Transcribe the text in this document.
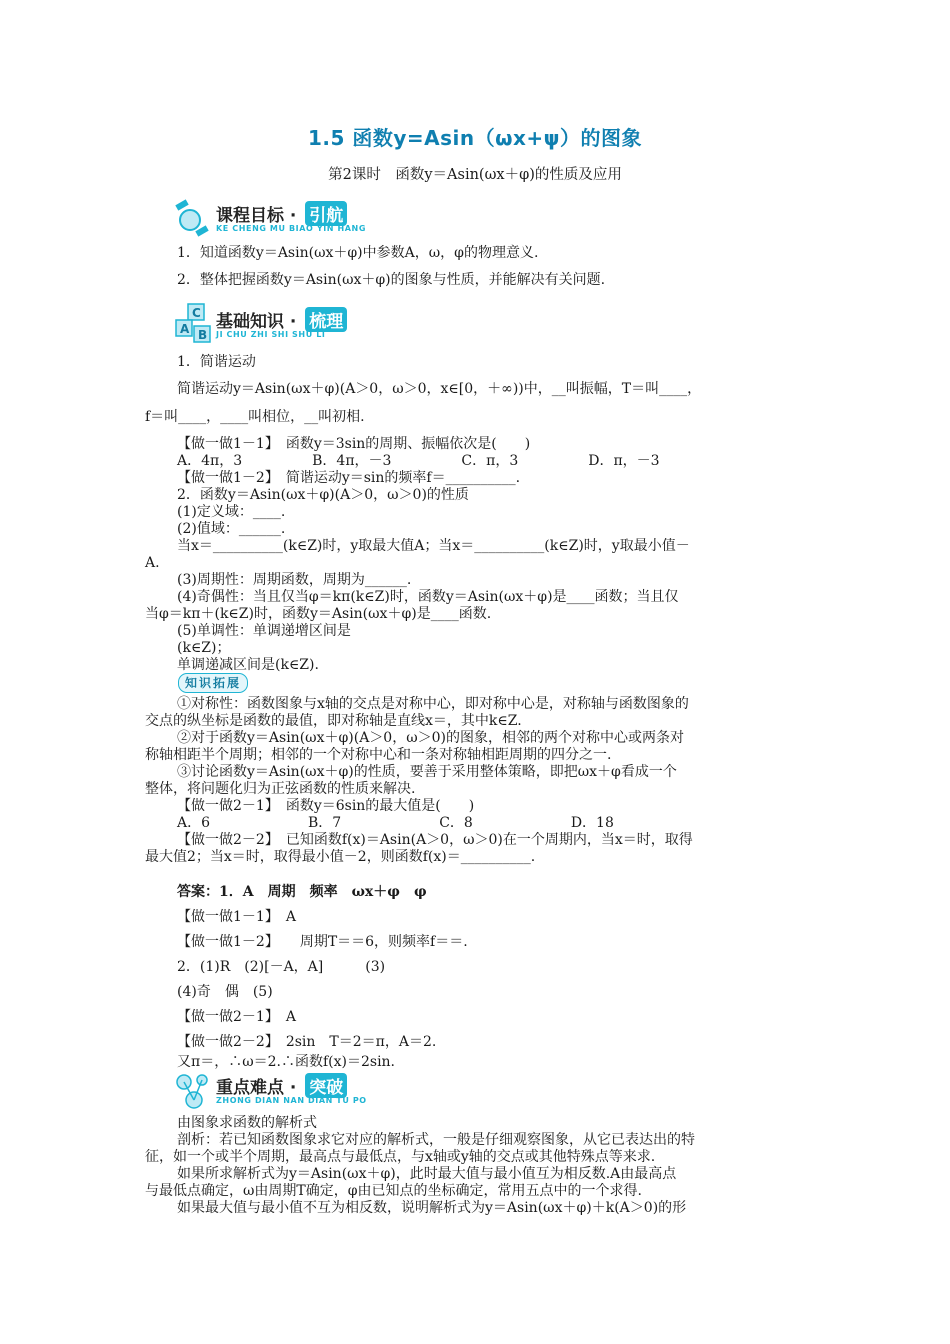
1.5 函数y=Asin（ωx+ψ）的图象
第2课时　函数y＝Asin(ωx＋φ)的性质及应用
课程目标 · 引航
KE CHENG MU BIAO YIN HANG
1．知道函数y＝Asin(ωx＋φ)中参数A，ω，φ的物理意义.
2．整体把握函数y＝Asin(ωx＋φ)的图象与性质，并能解决有关问题.
C
A B
基础知识 · 梳理
JI CHU ZHI SHI SHU LI
1．简谐运动
简谐运动y＝Asin(ωx＋φ)(A＞0，ω＞0，x∈[0，＋∞))中，__叫振幅，T＝叫____，
f＝叫____，____叫相位，__叫初相.
【做一做1－1】　函数y＝3sin的周期、振幅依次是(　　)
A．4π，3　　　　　B．4π，－3　　　　　C．π，3　　　　　D．π，－3
【做一做1－2】　简谐运动y＝sin的频率f＝__________.
2．函数y＝Asin(ωx＋φ)(A＞0，ω＞0)的性质
(1)定义域：____.
(2)值域：______.
当x＝__________(k∈Z)时，y取最大值A；当x＝__________(k∈Z)时，y取最小值－
A.
(3)周期性：周期函数，周期为______.
(4)奇偶性：当且仅当φ＝kπ(k∈Z)时，函数y＝Asin(ωx＋φ)是____函数；当且仅
当φ＝kπ＋(k∈Z)时，函数y＝Asin(ωx＋φ)是____函数.
(5)单调性：单调递增区间是
(k∈Z)；
单调递减区间是(k∈Z).
知识拓展
①对称性：函数图象与x轴的交点是对称中心，即对称中心是，对称轴与函数图象的
交点的纵坐标是函数的最值，即对称轴是直线x＝，其中k∈Z.
②对于函数y＝Asin(ωx＋φ)(A＞0，ω＞0)的图象，相邻的两个对称中心或两条对
称轴相距半个周期；相邻的一个对称中心和一条对称轴相距周期的四分之一.
③讨论函数y＝Asin(ωx＋φ)的性质，要善于采用整体策略，即把ωx＋φ看成一个
整体，将问题化归为正弦函数的性质来解决.
【做一做2－1】　函数y＝6sin的最大值是(　　)
A．6　　　　　　　B．7　　　　　　　C．8　　　　　　　D．18
【做一做2－2】　已知函数f(x)＝Asin(A＞0，ω＞0)在一个周期内，当x＝时，取得
最大值2；当x＝时，取得最小值－2，则函数f(x)＝__________.
答案：1．A　周期　频率　ωx＋φ　φ
【做一做1－1】　A
【做一做1－2】　　周期T＝＝6，则频率f＝＝.
2．(1)R　(2)[－A，A]　　　(3)
(4)奇　偶　(5)
【做一做2－1】　A
【做一做2－2】　2sin　T＝2＝π，A＝2.
又π＝，∴ω＝2.∴函数f(x)＝2sin.
重点难点 · 突破
ZHONG DIAN NAN DIAN TU PO
由图象求函数的解析式
剖析：若已知函数图象求它对应的解析式，一般是仔细观察图象，从它已表达出的特
征，如一个或半个周期，最高点与最低点，与x轴或y轴的交点或其他特殊点等来求.
如果所求解析式为y＝Asin(ωx＋φ)，此时最大值与最小值互为相反数.A由最高点
与最低点确定，ω由周期T确定，φ由已知点的坐标确定，常用五点中的一个求得.
如果最大值与最小值不互为相反数，说明解析式为y＝Asin(ωx＋φ)＋k(A＞0)的形
